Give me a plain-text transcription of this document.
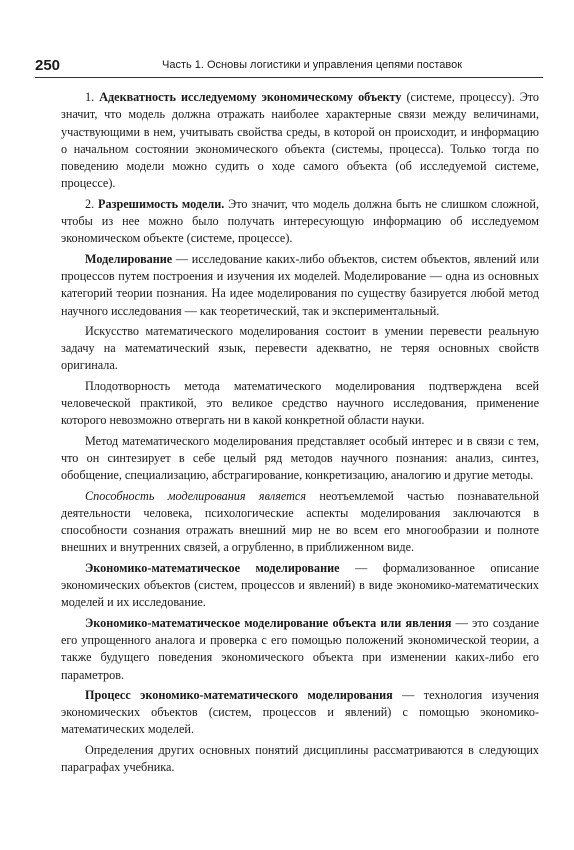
250	Часть 1. Основы логистики и управления цепями поставок

1. Адекватность исследуемому экономическому объекту (системе, процессу). Это значит, что модель должна отражать наиболее характерные связи между величинами, участвующими в нем, учитывать свойства среды, в которой он происходит, и информацию о начальном состоянии экономического объекта (системы, процесса). Только тогда по поведению модели можно судить о ходе самого объекта (об исследуемой системе, процессе).

2. Разрешимость модели. Это значит, что модель должна быть не слишком сложной, чтобы из нее можно было получать интересующую информацию об исследуемом экономическом объекте (системе, процессе).

Моделирование — исследование каких-либо объектов, систем объектов, явлений или процессов путем построения и изучения их моделей. Моделирование — одна из основных категорий теории познания. На идее моделирования по существу базируется любой метод научного исследования — как теоретический, так и экспериментальный.

Искусство математического моделирования состоит в умении перевести реальную задачу на математический язык, перевести адекватно, не теряя основных свойств оригинала.

Плодотворность метода математического моделирования подтверждена всей человеческой практикой, это великое средство научного исследования, применение которого невозможно отвергать ни в какой конкретной области науки.

Метод математического моделирования представляет особый интерес и в связи с тем, что он синтезирует в себе целый ряд методов научного познания: анализ, синтез, обобщение, специализацию, абстрагирование, конкретизацию, аналогию и другие методы.

Способность моделирования является неотъемлемой частью познавательной деятельности человека, психологические аспекты моделирования заключаются в способности сознания отражать внешний мир не во всем его многообразии и полноте внешних и внутренних связей, а огрубленно, в приближенном виде.

Экономико-математическое моделирование — формализованное описание экономических объектов (систем, процессов и явлений) в виде экономико-математических моделей и их исследование.

Экономико-математическое моделирование объекта или явления — это создание его упрощенного аналога и проверка с его помощью положений экономической теории, а также будущего поведения экономического объекта при изменении каких-либо его параметров.

Процесс экономико-математического моделирования — технология изучения экономических объектов (систем, процессов и явлений) с помощью экономико-математических моделей.

Определения других основных понятий дисциплины рассматриваются в следующих параграфах учебника.
